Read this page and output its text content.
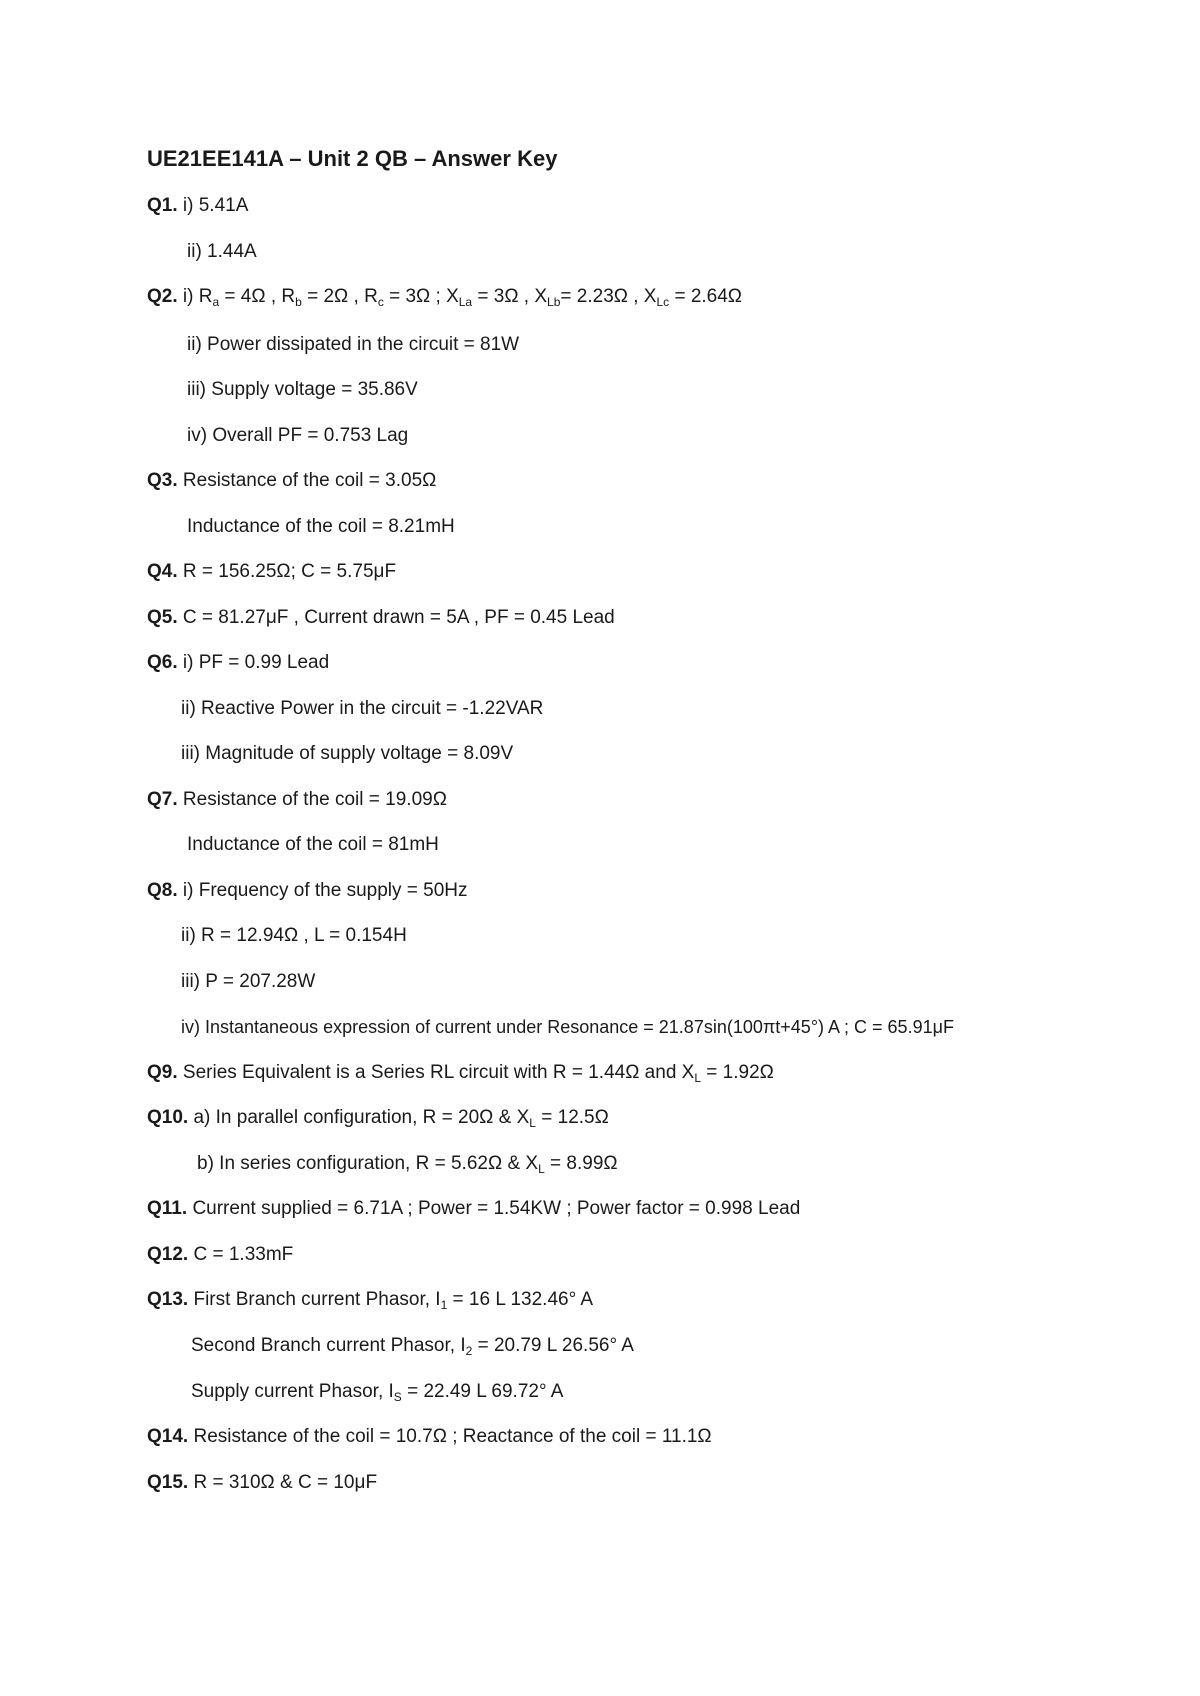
UE21EE141A – Unit 2 QB – Answer Key
Q1. i) 5.41A
ii) 1.44A
Q2. i) $R_a = 4\Omega$ , $R_b = 2\Omega$ , $R_c = 3\Omega$ ; $X_{La} = 3\Omega$ , $X_{Lb}= 2.23\Omega$ , $X_{Lc} = 2.64\Omega$
ii) Power dissipated in the circuit = 81W
iii) Supply voltage = 35.86V
iv) Overall PF = 0.753 Lag
Q3. Resistance of the coil = 3.05Ω
Inductance of the coil = 8.21mH
Q4. R = 156.25Ω; C = 5.75μF
Q5. C = 81.27μF , Current drawn = 5A , PF = 0.45 Lead
Q6. i) PF = 0.99 Lead
ii) Reactive Power in the circuit = -1.22VAR
iii) Magnitude of supply voltage = 8.09V
Q7. Resistance of the coil = 19.09Ω
Inductance of the coil = 81mH
Q8. i) Frequency of the supply = 50Hz
ii) R = 12.94Ω , L = 0.154H
iii) P = 207.28W
iv) Instantaneous expression of current under Resonance = 21.87sin(100πt+45°) A ; C = 65.91μF
Q9. Series Equivalent is a Series RL circuit with R = 1.44Ω and $X_L = 1.92\Omega$
Q10. a) In parallel configuration, R = 20Ω & $X_L = 12.5\Omega$
b) In series configuration, R = 5.62Ω & $X_L = 8.99\Omega$
Q11. Current supplied = 6.71A ; Power = 1.54KW ; Power factor = 0.998 Lead
Q12. C = 1.33mF
Q13. First Branch current Phasor, $I_1 = 16$ L 132.46° A
Second Branch current Phasor, $I_2 = 20.79$ L 26.56° A
Supply current Phasor, $I_S = 22.49$ L 69.72° A
Q14. Resistance of the coil = 10.7Ω ; Reactance of the coil = 11.1Ω
Q15. R = 310Ω & C = 10μF
